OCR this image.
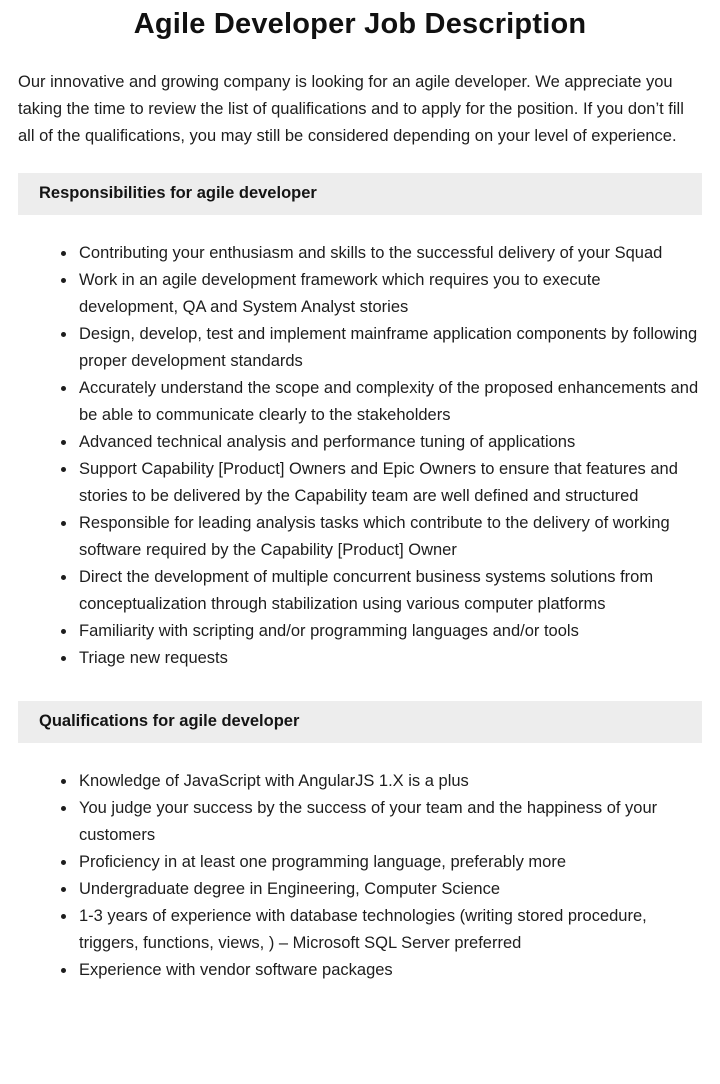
Agile Developer Job Description

Our innovative and growing company is looking for an agile developer. We appreciate you taking the time to review the list of qualifications and to apply for the position. If you don’t fill all of the qualifications, you may still be considered depending on your level of experience.

Responsibilities for agile developer
Contributing your enthusiasm and skills to the successful delivery of your Squad
Work in an agile development framework which requires you to execute development, QA and System Analyst stories
Design, develop, test and implement mainframe application components by following proper development standards
Accurately understand the scope and complexity of the proposed enhancements and be able to communicate clearly to the stakeholders
Advanced technical analysis and performance tuning of applications
Support Capability [Product] Owners and Epic Owners to ensure that features and stories to be delivered by the Capability team are well defined and structured
Responsible for leading analysis tasks which contribute to the delivery of working software required by the Capability [Product] Owner
Direct the development of multiple concurrent business systems solutions from conceptualization through stabilization using various computer platforms
Familiarity with scripting and/or programming languages and/or tools
Triage new requests
Qualifications for agile developer
Knowledge of JavaScript with AngularJS 1.X is a plus
You judge your success by the success of your team and the happiness of your customers
Proficiency in at least one programming language, preferably more
Undergraduate degree in Engineering, Computer Science
1-3 years of experience with database technologies (writing stored procedure, triggers, functions, views, ) – Microsoft SQL Server preferred
Experience with vendor software packages
